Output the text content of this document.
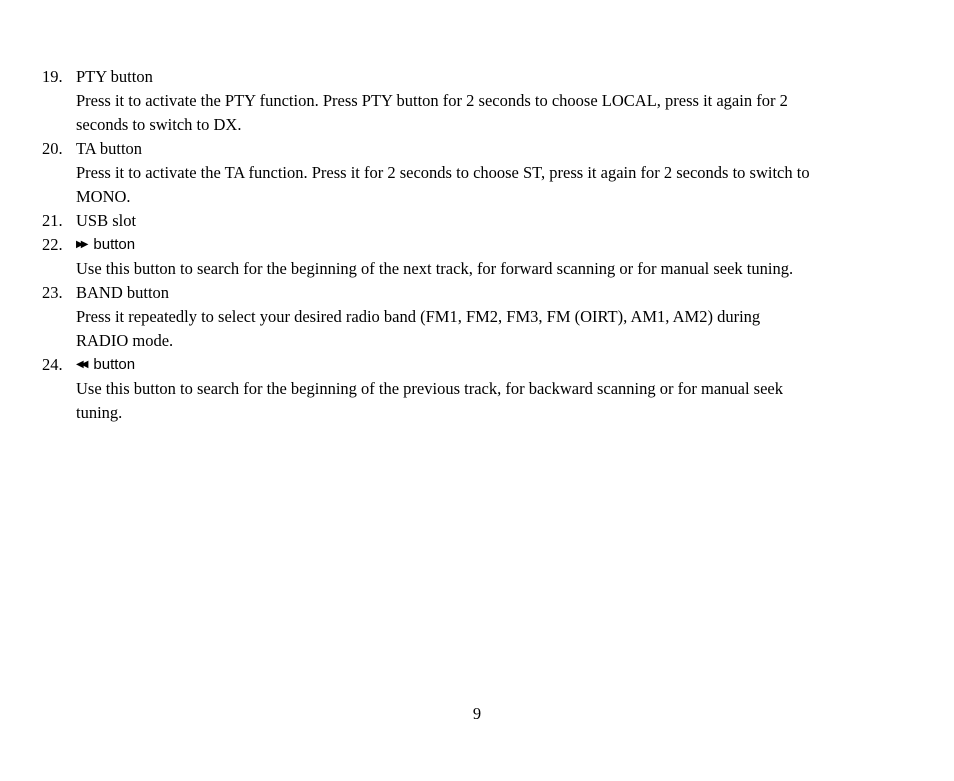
19. PTY button
Press it to activate the PTY function. Press PTY button for 2 seconds to choose LOCAL, press it again for 2
seconds to switch to DX.
20. TA button
Press it to activate the TA function. Press it for 2 seconds to choose ST, press it again for 2 seconds to switch to
MONO.
21. USB slot
22. ▶▶ button
Use this button to search for the beginning of the next track, for forward scanning or for manual seek tuning.
23. BAND button
Press it repeatedly to select your desired radio band (FM1, FM2, FM3, FM (OIRT), AM1, AM2) during
RADIO mode.
24. ◀◀ button
Use this button to search for the beginning of the previous track, for backward scanning or for manual seek
tuning.
9
